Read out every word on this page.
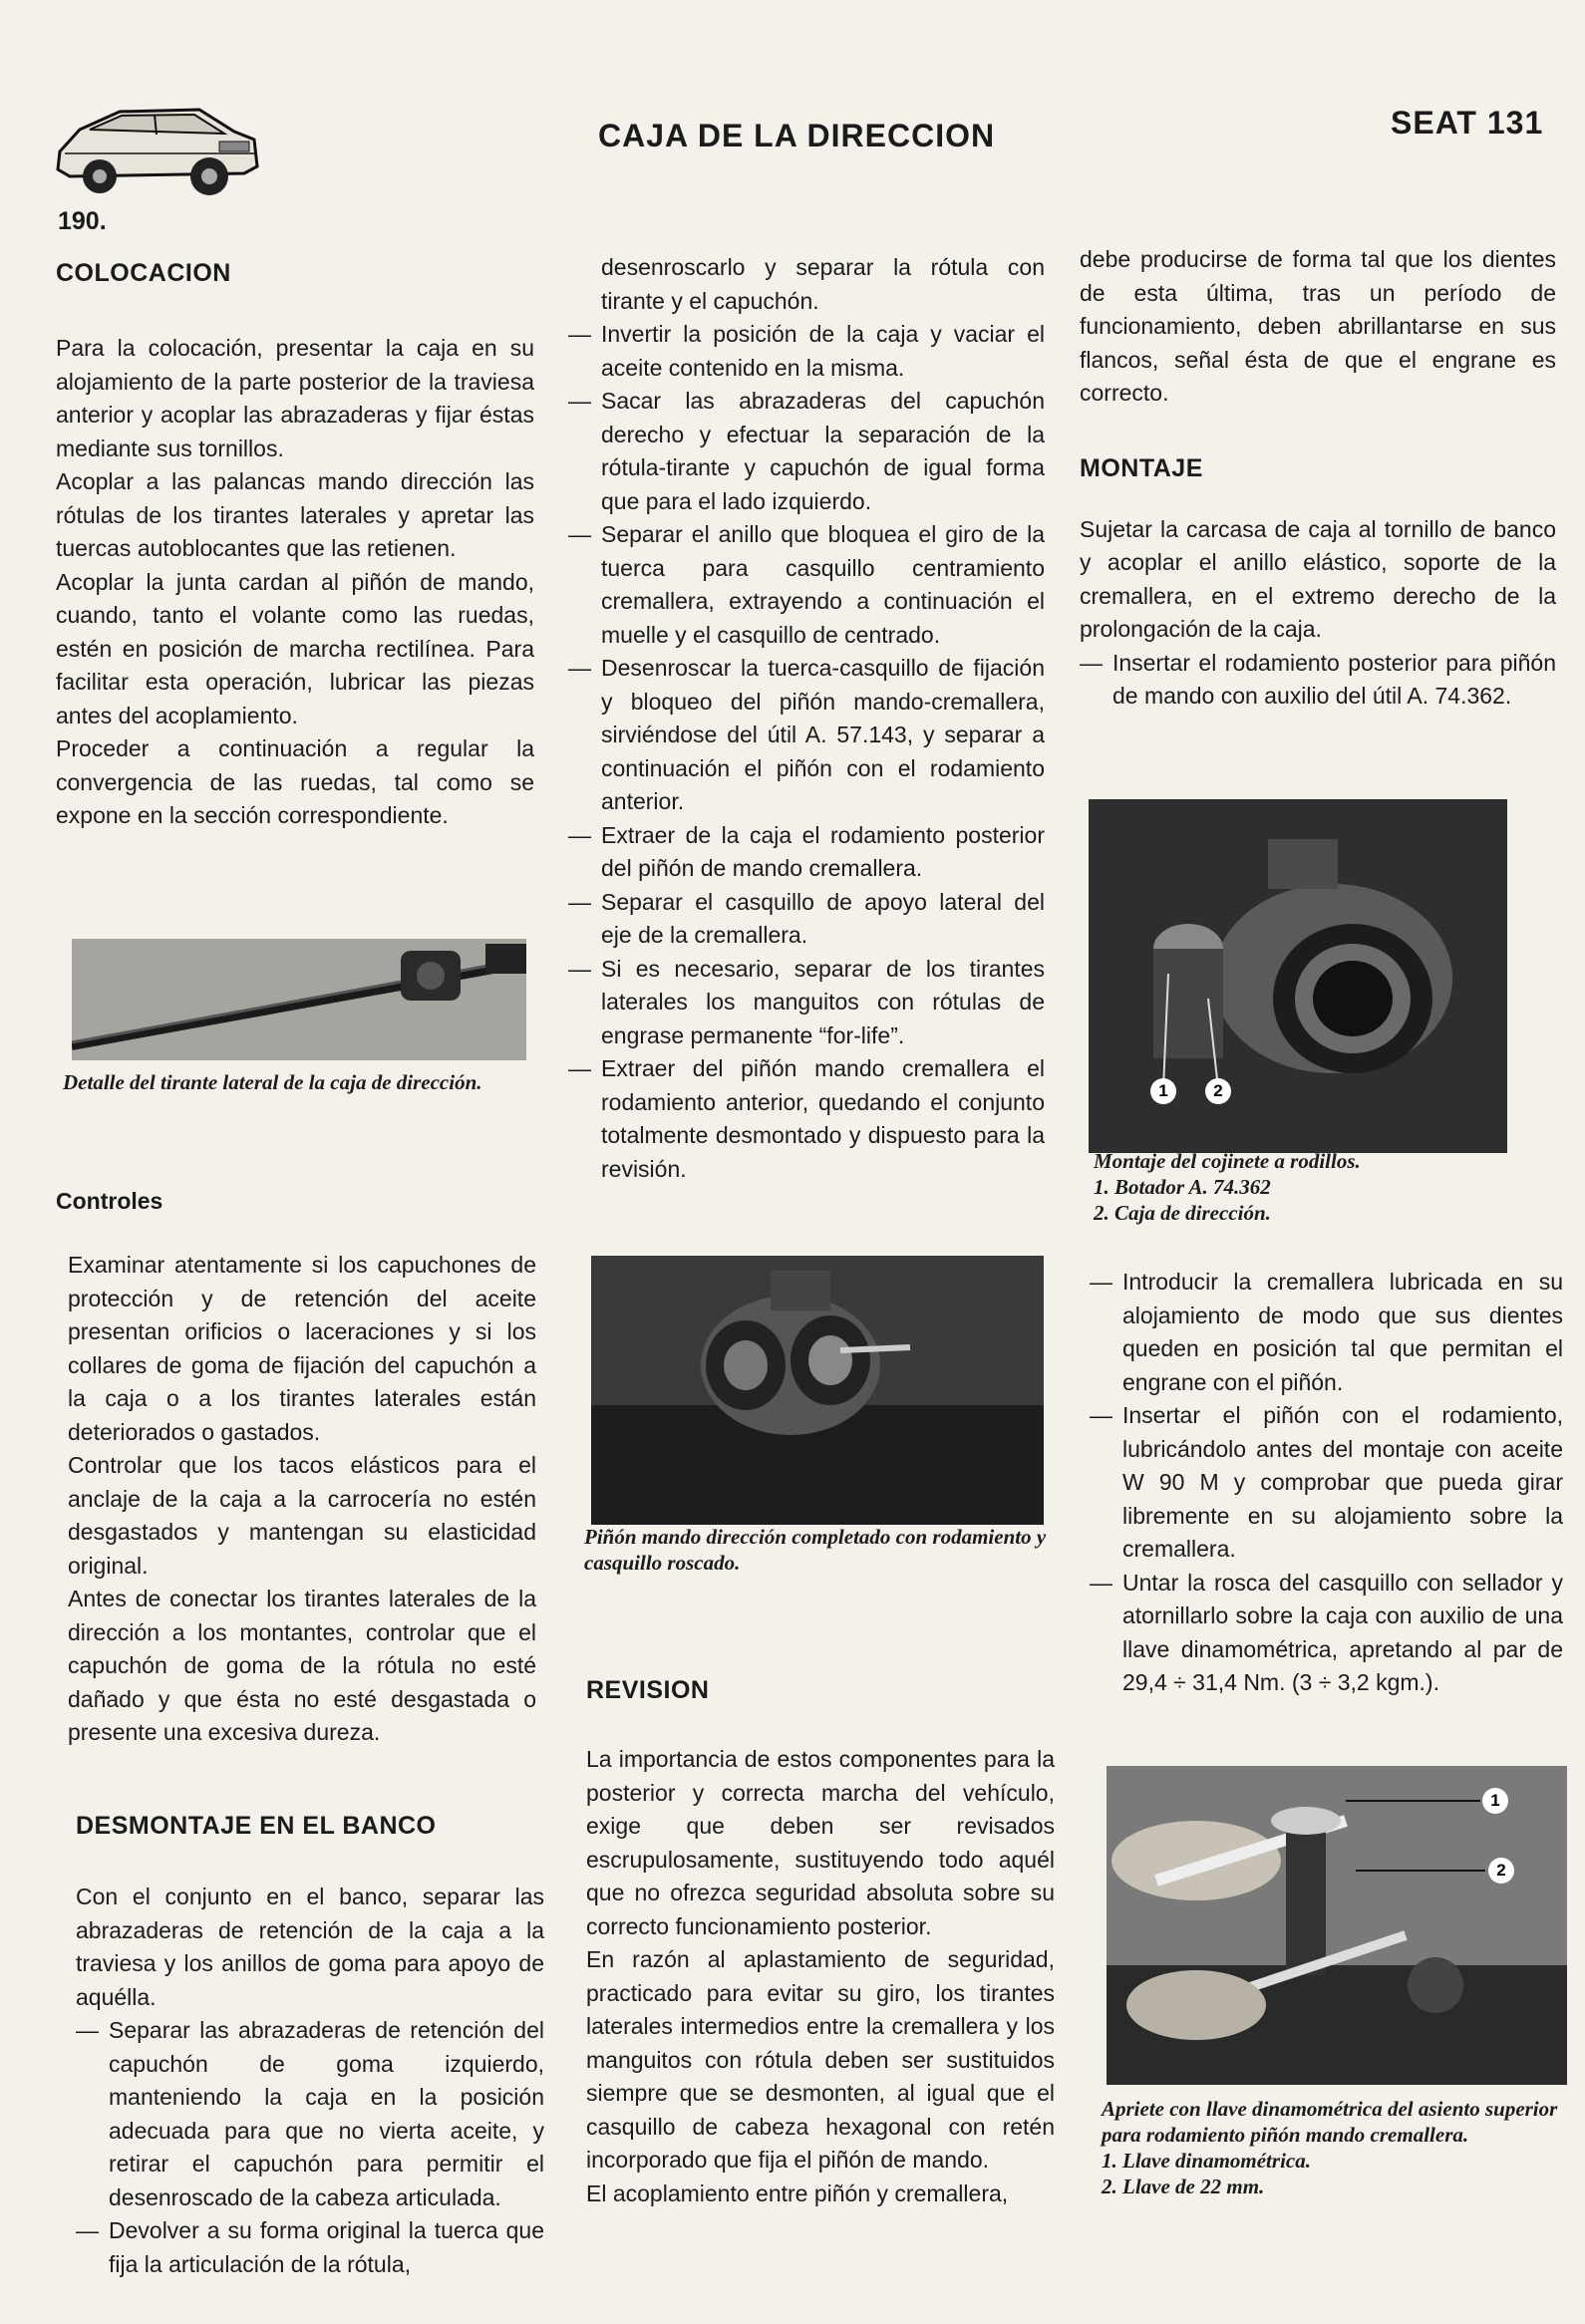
CAJA DE LA DIRECCION	SEAT 131
190.
COLOCACION

Para la colocación, presentar la caja en su alojamiento de la parte posterior de la traviesa anterior y acoplar las abrazaderas y fijar éstas mediante sus tornillos.

Acoplar a las palancas mando dirección las rótulas de los tirantes laterales y apretar las tuercas autoblocantes que las retienen.

Acoplar la junta cardan al piñón de mando, cuando, tanto el volante como las ruedas, estén en posición de marcha rectilínea. Para facilitar esta operación, lubricar las piezas antes del acoplamiento.

Proceder a continuación a regular la convergencia de las ruedas, tal como se expone en la sección correspondiente.

Detalle del tirante lateral de la caja de dirección.
Controles

Examinar atentamente si los capuchones de protección y de retención del aceite presentan orificios o laceraciones y si los collares de goma de fijación del capuchón a la caja o a los tirantes laterales están deteriorados o gastados.

Controlar que los tacos elásticos para el anclaje de la caja a la carrocería no estén desgastados y mantengan su elasticidad original.

Antes de conectar los tirantes laterales de la dirección a los montantes, controlar que el capuchón de goma de la rótula no esté dañado y que ésta no esté desgastada o presente una excesiva dureza.

DESMONTAJE EN EL BANCO

Con el conjunto en el banco, separar las abrazaderas de retención de la caja a la traviesa y los anillos de goma para apoyo de aquélla.

— Separar las abrazaderas de retención del capuchón de goma izquierdo, manteniendo la caja en la posición adecuada para que no vierta aceite, y retirar el capuchón para permitir el desenroscado de la cabeza articulada.
— Devolver a su forma original la tuerca que fija la articulación de la rótula,

desenroscarlo y separar la rótula con tirante y el capuchón.

— Invertir la posición de la caja y vaciar el aceite contenido en la misma.
— Sacar las abrazaderas del capuchón derecho y efectuar la separación de la rótula-tirante y capuchón de igual forma que para el lado izquierdo.
— Separar el anillo que bloquea el giro de la tuerca para casquillo centramiento cremallera, extrayendo a continuación el muelle y el casquillo de centrado.
— Desenroscar la tuerca-casquillo de fijación y bloqueo del piñón mando-cremallera, sirviéndose del útil A. 57.143, y separar a continuación el piñón con el rodamiento anterior.
— Extraer de la caja el rodamiento posterior del piñón de mando cremallera.
— Separar el casquillo de apoyo lateral del eje de la cremallera.
— Si es necesario, separar de los tirantes laterales los manguitos con rótulas de engrase permanente “for-life”.
— Extraer del piñón mando cremallera el rodamiento anterior, quedando el conjunto totalmente desmontado y dispuesto para la revisión.
Piñón mando dirección completado con rodamiento y casquillo roscado.
REVISION

La importancia de estos componentes para la posterior y correcta marcha del vehículo, exige que deben ser revisados escrupulosamente, sustituyendo todo aquél que no ofrezca seguridad absoluta sobre su correcto funcionamiento posterior.

En razón al aplastamiento de seguridad, practicado para evitar su giro, los tirantes laterales intermedios entre la cremallera y los manguitos con rótula deben ser sustituidos siempre que se desmonten, al igual que el casquillo de cabeza hexagonal con retén incorporado que fija el piñón de mando.

El acoplamiento entre piñón y cremallera,

debe producirse de forma tal que los dientes de esta última, tras un período de funcionamiento, deben abrillantarse en sus flancos, señal ésta de que el engrane es correcto.

MONTAJE

Sujetar la carcasa de caja al tornillo de banco y acoplar el anillo elástico, soporte de la cremallera, en el extremo derecho de la prolongación de la caja.

— Insertar el rodamiento posterior para piñón de mando con auxilio del útil A. 74.362.
1	2
Montaje del cojinete a rodillos.
1. Botador A. 74.362
2. Caja de dirección.
— Introducir la cremallera lubricada en su alojamiento de modo que sus dientes queden en posición tal que permitan el engrane con el piñón.
— Insertar el piñón con el rodamiento, lubricándolo antes del montaje con aceite W 90 M y comprobar que pueda girar libremente en su alojamiento sobre la cremallera.
— Untar la rosca del casquillo con sellador y atornillarlo sobre la caja con auxilio de una llave dinamométrica, apretando al par de 29,4 ÷ 31,4 Nm. (3 ÷ 3,2 kgm.).
1
2
Apriete con llave dinamométrica del asiento superior para rodamiento piñón mando cremallera.
1. Llave dinamométrica.
2. Llave de 22 mm.
